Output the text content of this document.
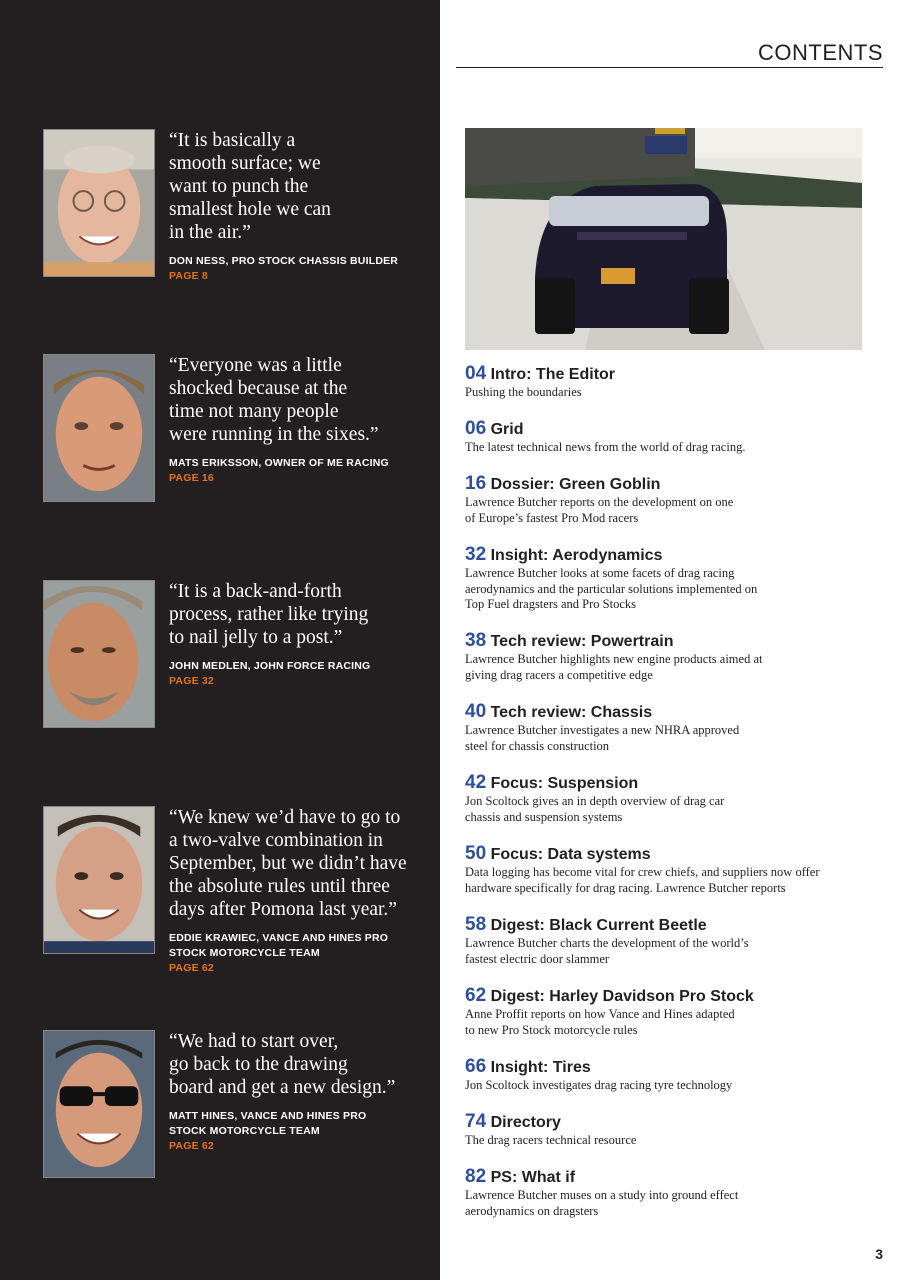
“It is basically a
smooth surface; we
want to punch the
smallest hole we can
in the air.”
DON NESS, PRO STOCK CHASSIS BUILDER
PAGE 8
“Everyone was a little
shocked because at the
time not many people
were running in the sixes.”
MATS ERIKSSON, OWNER OF ME RACING
PAGE 16
“It is a back-and-forth
process, rather like trying
to nail jelly to a post.”
JOHN MEDLEN, JOHN FORCE RACING
PAGE 32
“We knew we’d have to go to
a two-valve combination in
September, but we didn’t have
the absolute rules until three
days after Pomona last year.”
EDDIE KRAWIEC, VANCE AND HINES PRO
STOCK MOTORCYCLE TEAM
PAGE 62
“We had to start over,
go back to the drawing
board and get a new design.”
MATT HINES, VANCE AND HINES PRO
STOCK MOTORCYCLE TEAM
PAGE 62
CONTENTS
04 Intro: The Editor
Pushing the boundaries
06 Grid
The latest technical news from the world of drag racing.
16 Dossier: Green Goblin
Lawrence Butcher reports on the development on one
of Europe’s fastest Pro Mod racers
32 Insight: Aerodynamics
Lawrence Butcher looks at some facets of drag racing
aerodynamics and the particular solutions implemented on
Top Fuel dragsters and Pro Stocks
38 Tech review: Powertrain
Lawrence Butcher highlights new engine products aimed at
giving drag racers a competitive edge
40 Tech review: Chassis
Lawrence Butcher investigates a new NHRA approved
steel for chassis construction
42 Focus: Suspension
Jon Scoltock gives an in depth overview of drag car
chassis and suspension systems
50 Focus: Data systems
Data logging has become vital for crew chiefs, and suppliers now offer
hardware specifically for drag racing. Lawrence Butcher reports
58 Digest: Black Current Beetle
Lawrence Butcher charts the development of the world’s
fastest electric door slammer
62 Digest: Harley Davidson Pro Stock
Anne Proffit reports on how Vance and Hines adapted
to new Pro Stock motorcycle rules
66 Insight: Tires
Jon Scoltock investigates drag racing tyre technology
74 Directory
The drag racers technical resource
82 PS: What if
Lawrence Butcher muses on a study into ground effect
aerodynamics on dragsters
3
